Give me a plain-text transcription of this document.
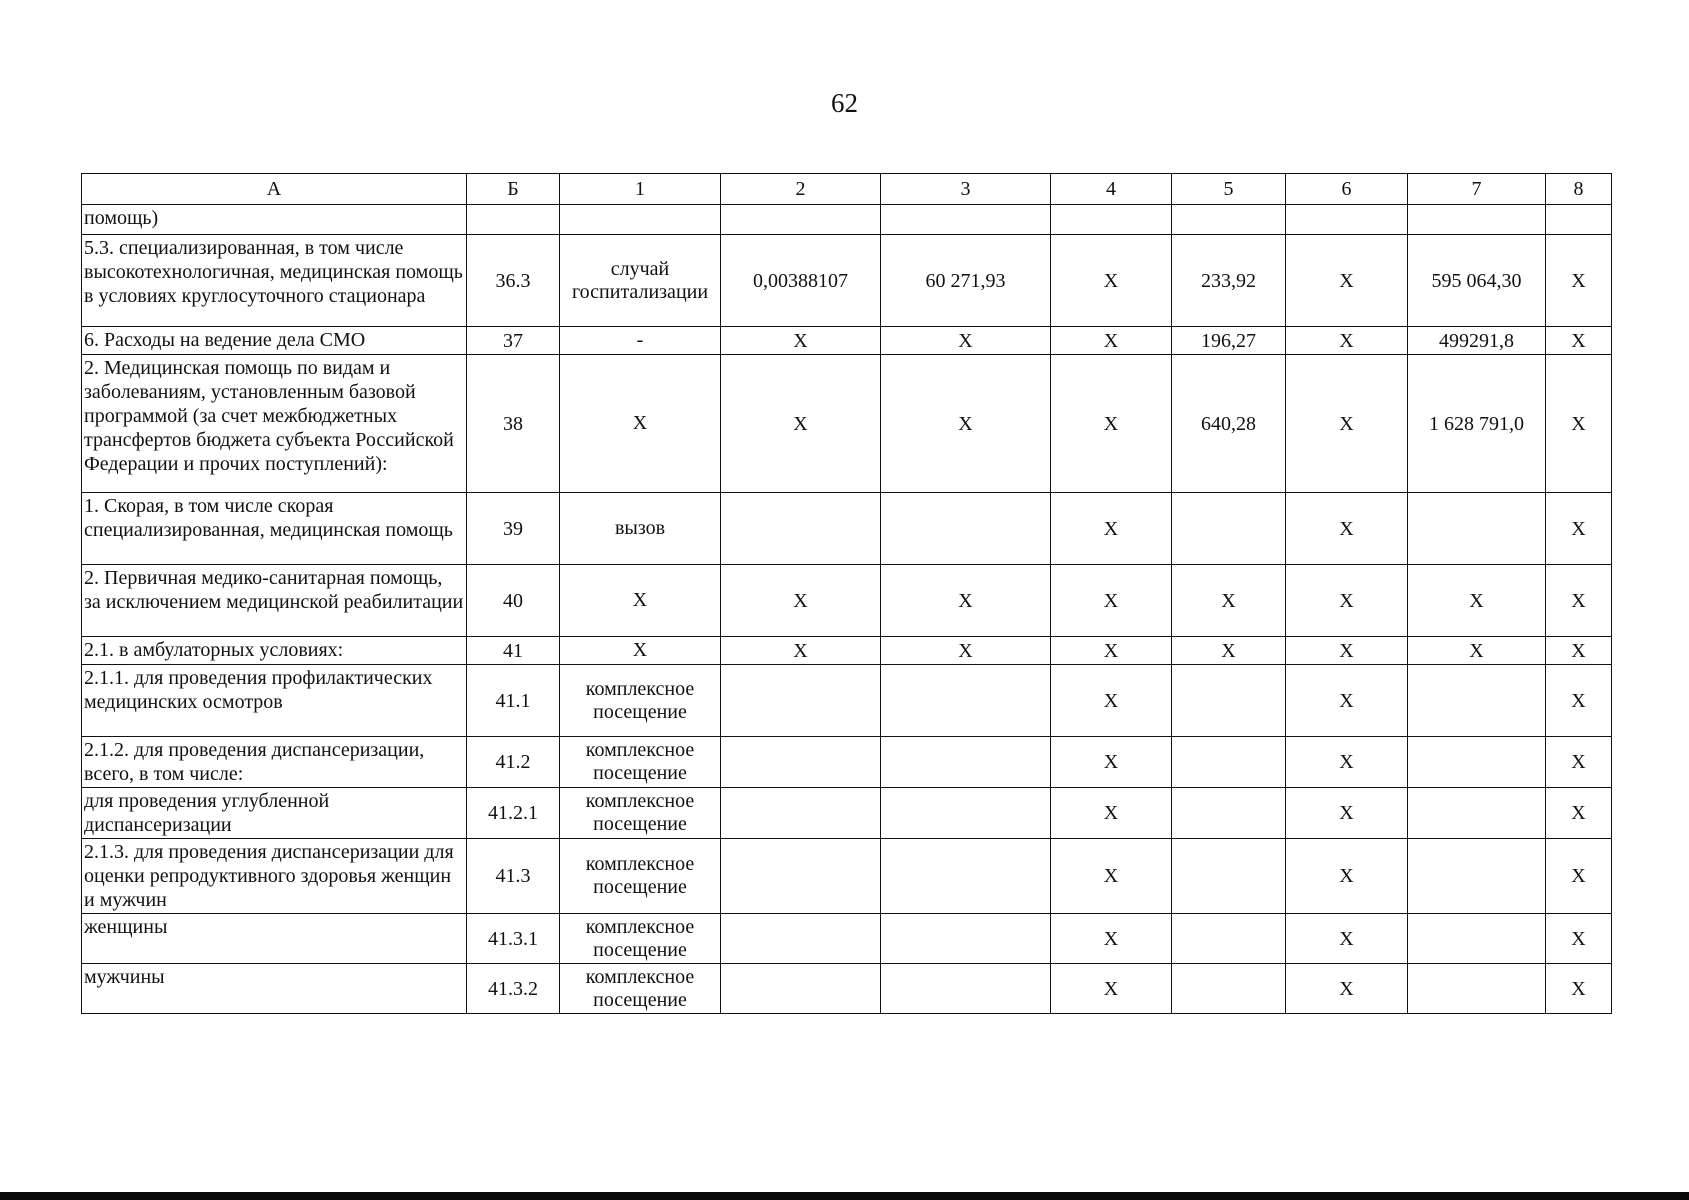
62
А	Б	1	2	3	4	5	6	7	8
помощь)									
5.3. специализированная, в том числе высокотехнологичная, медицинская помощь в условиях круглосуточного стационара	36.3	случай госпитализации	0,00388107	60 271,93	Х	233,92	Х	595 064,30	Х
6. Расходы на ведение дела СМО	37	-	Х	Х	Х	196,27	Х	499291,8	Х
2. Медицинская помощь по видам и заболеваниям, установленным базовой программой (за счет межбюджетных трансфертов бюджета субъекта Российской Федерации и прочих поступлений):	38	Х	Х	Х	Х	640,28	Х	1 628 791,0	Х
1. Скорая, в том числе скорая специализированная, медицинская помощь	39	вызов			Х		Х		Х
2. Первичная медико-санитарная помощь, за исключением медицинской реабилитации	40	Х	Х	Х	Х	Х	Х	Х	Х
2.1. в амбулаторных условиях:	41	Х	Х	Х	Х	Х	Х	Х	Х
2.1.1. для проведения профилактических медицинских осмотров	41.1	комплексное посещение			Х		Х		Х
2.1.2. для проведения диспансеризации, всего, в том числе:	41.2	комплексное посещение			Х		Х		Х
для проведения углубленной диспансеризации	41.2.1	комплексное посещение			Х		Х		Х
2.1.3. для проведения диспансеризации для оценки репродуктивного здоровья женщин и мужчин	41.3	комплексное посещение			Х		Х		Х
женщины	41.3.1	комплексное посещение			Х		Х		Х
мужчины	41.3.2	комплексное посещение			Х		Х		Х
